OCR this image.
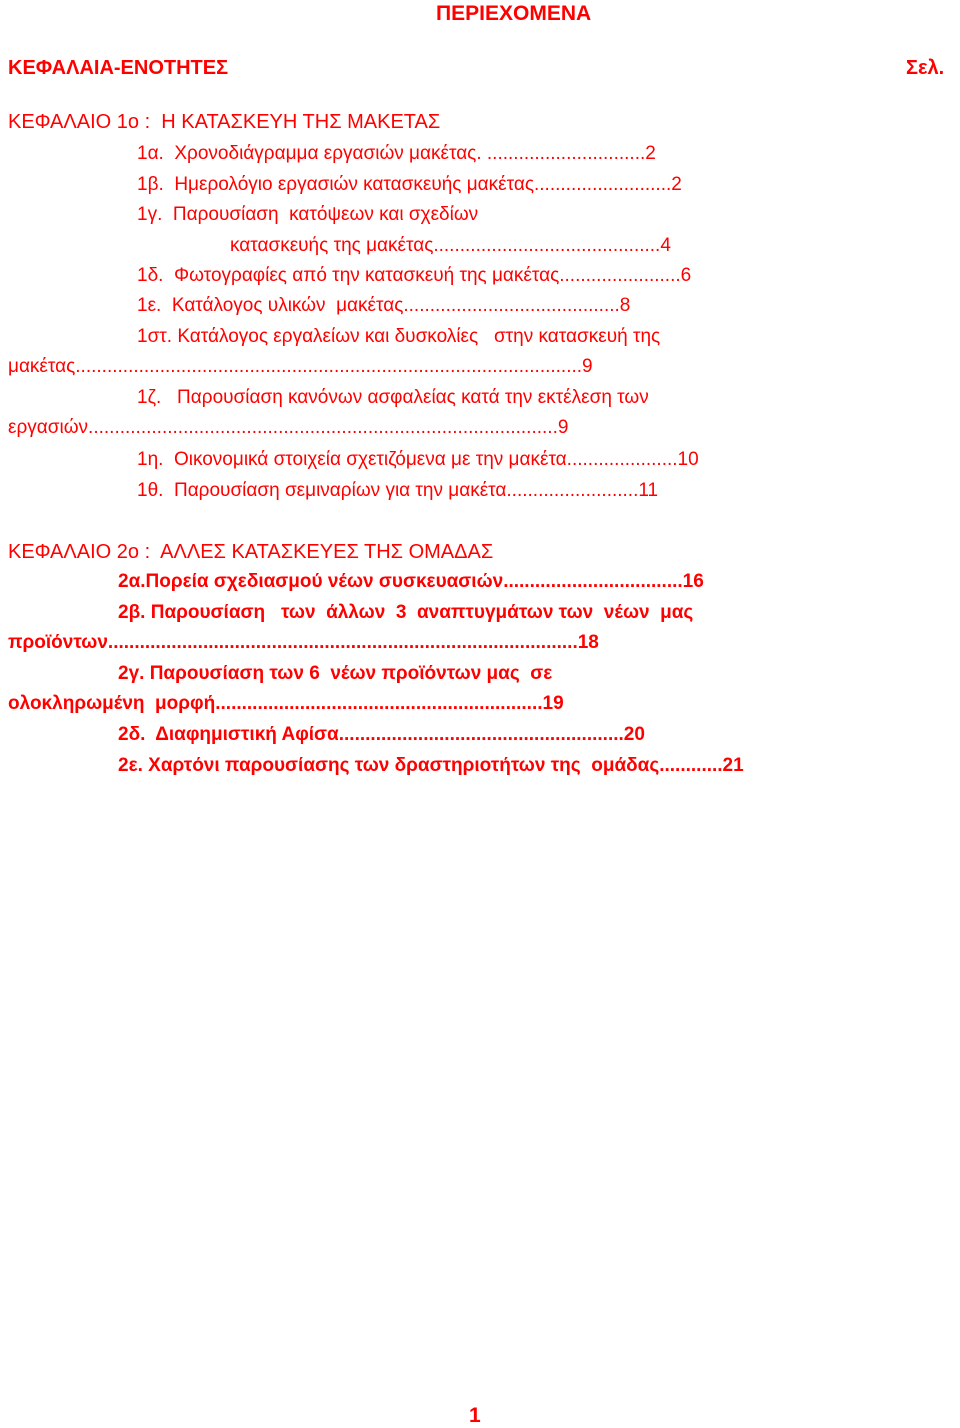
ΠΕΡΙΕΧΟΜΕΝΑ
ΚΕΦΑΛΑΙΑ-ΕΝΟΤΗΤΕΣ	Σελ.
ΚΕΦΑΛΑΙΟ 1ο :  Η ΚΑΤΑΣΚΕΥΗ ΤΗΣ ΜΑΚΕΤΑΣ
1α.  Χρονοδιάγραμμα εργασιών μακέτας. ..............................2
1β.  Ημερολόγιο εργασιών κατασκευής μακέτας..........................2
1γ.  Παρουσίαση  κατόψεων και σχεδίων
κατασκευής της μακέτας...........................................4
1δ.  Φωτογραφίες από την κατασκευή της μακέτας.......................6
1ε.  Κατάλογος υλικών  μακέτας.........................................8
1στ. Κατάλογος εργαλείων και δυσκολίες   στην κατασκευή της
μακέτας................................................................................................9
1ζ.   Παρουσίαση κανόνων ασφαλείας κατά την εκτέλεση των
εργασιών.........................................................................................9
1η.  Οικονομικά στοιχεία σχετιζόμενα με την μακέτα.....................10
1θ.  Παρουσίαση σεμιναρίων για την μακέτα.........................11
ΚΕΦΑΛΑΙΟ 2ο :  ΑΛΛΕΣ ΚΑΤΑΣΚΕΥΕΣ ΤΗΣ ΟΜΑΔΑΣ
2α.Πορεία σχεδιασμού νέων συσκευασιών..................................16
2β. Παρουσίαση   των  άλλων  3  αναπτυγμάτων των  νέων  μας
προϊόντων.........................................................................................18
2γ. Παρουσίαση των 6  νέων προϊόντων μας  σε
ολοκληρωμένη  μορφή..............................................................19
2δ.  Διαφημιστική Αφίσα......................................................20
2ε. Χαρτόνι παρουσίασης των δραστηριοτήτων της  ομάδας............21
1
